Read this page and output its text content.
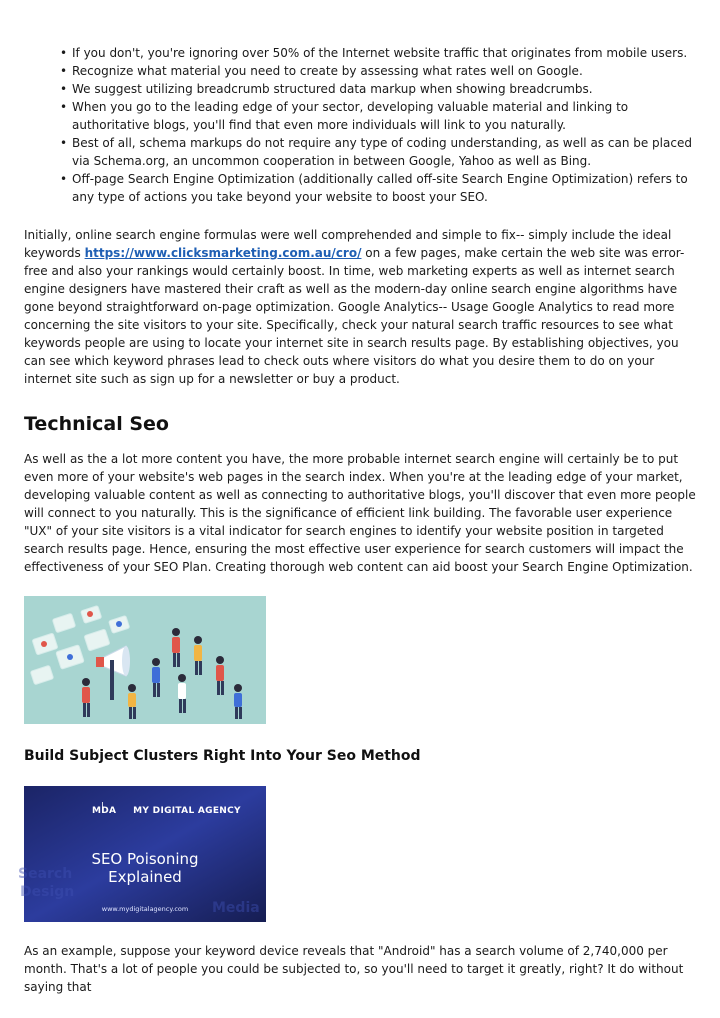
• If you don't, you're ignoring over 50% of the Internet website traffic that originates from mobile users.
• Recognize what material you need to create by assessing what rates well on Google.
• We suggest utilizing breadcrumb structured data markup when showing breadcrumbs.
• When you go to the leading edge of your sector, developing valuable material and linking to authoritative blogs, you'll find that even more individuals will link to you naturally.
• Best of all, schema markups do not require any type of coding understanding, as well as can be placed via Schema.org, an uncommon cooperation in between Google, Yahoo as well as Bing.
• Off-page Search Engine Optimization (additionally called off-site Search Engine Optimization) refers to any type of actions you take beyond your website to boost your SEO.

Initially, online search engine formulas were well comprehended and simple to fix-- simply include the ideal keywords https://www.clicksmarketing.com.au/cro/ on a few pages, make certain the web site was error-free and also your rankings would certainly boost. In time, web marketing experts as well as internet search engine designers have mastered their craft as well as the modern-day online search engine algorithms have gone beyond straightforward on-page optimization. Google Analytics-- Usage Google Analytics to read more concerning the site visitors to your site. Specifically, check your natural search traffic resources to see what keywords people are using to locate your internet site in search results page. By establishing objectives, you can see which keyword phrases lead to check outs where visitors do what you desire them to do on your internet site such as sign up for a newsletter or buy a product.

Technical Seo

As well as the a lot more content you have, the more probable internet search engine will certainly be to put even more of your website's web pages in the search index. When you're at the leading edge of your market, developing valuable content as well as connecting to authoritative blogs, you'll discover that even more people will connect to you naturally. This is the significance of efficient link building. The favorable user experience "UX" of your site visitors is a vital indicator for search engines to identify your website position in targeted search results page. Hence, ensuring the most effective user experience for search customers will impact the effectiveness of your SEO Plan. Creating thorough web content can aid boost your Search Engine Optimization.

Build Subject Clusters Right Into Your Seo Method
Search
Design
Media
MDA MY DIGITAL AGENCY
SEO Poisoning
Explained
www.mydigitalagency.com

As an example, suppose your keyword device reveals that "Android" has a search volume of 2,740,000 per month. That's a lot of people you could be subjected to, so you'll need to target it greatly, right? It do without saying that
